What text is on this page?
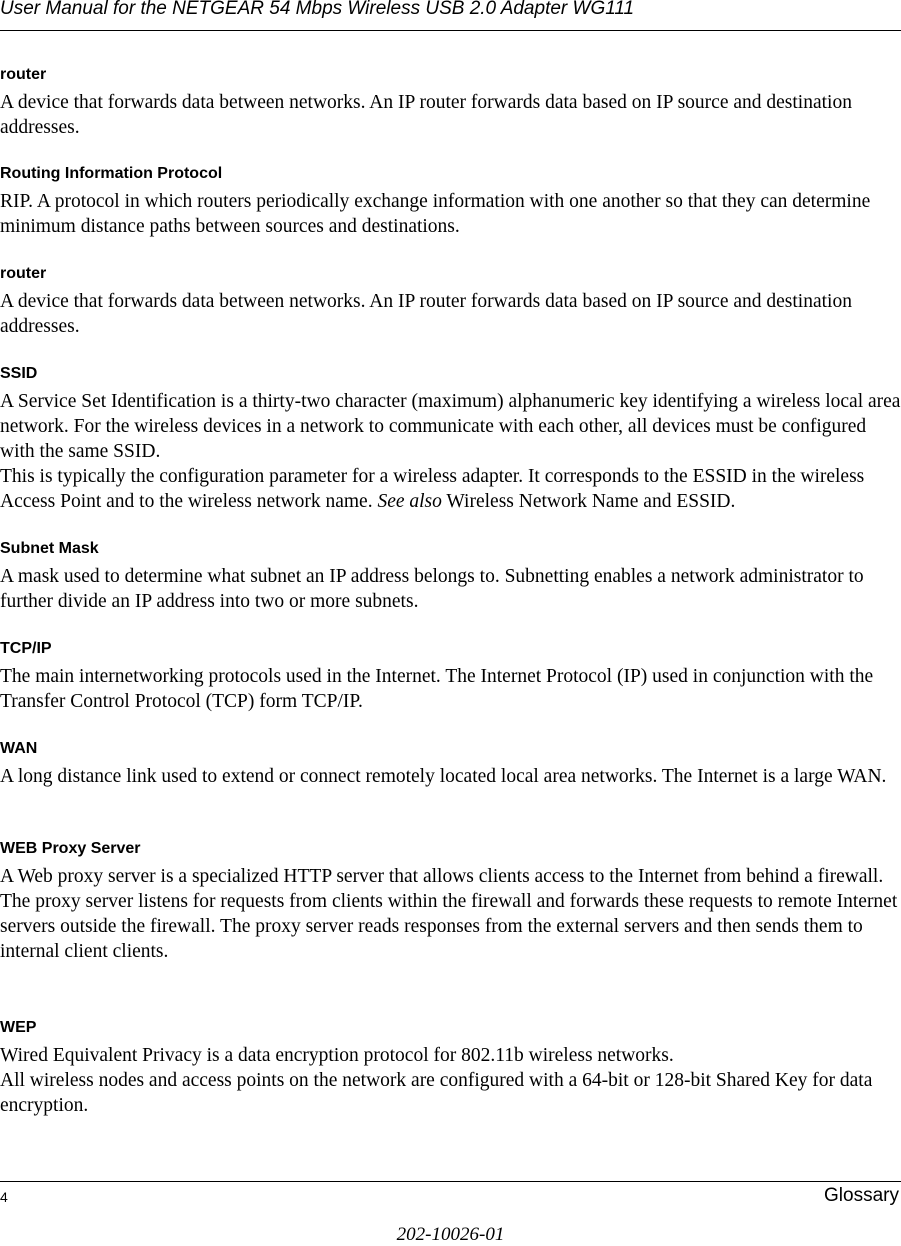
User Manual for the NETGEAR 54 Mbps Wireless USB 2.0 Adapter WG111
router

A device that forwards data between networks. An IP router forwards data based on IP source and destination addresses.

Routing Information Protocol

RIP. A protocol in which routers periodically exchange information with one another so that they can determine minimum distance paths between sources and destinations.

router

A device that forwards data between networks. An IP router forwards data based on IP source and destination addresses.

SSID

A Service Set Identification is a thirty-two character (maximum) alphanumeric key identifying a wireless local area network. For the wireless devices in a network to communicate with each other, all devices must be configured with the same SSID.

This is typically the configuration parameter for a wireless adapter. It corresponds to the ESSID in the wireless Access Point and to the wireless network name. See also Wireless Network Name and ESSID.

Subnet Mask

A mask used to determine what subnet an IP address belongs to. Subnetting enables a network administrator to further divide an IP address into two or more subnets.

TCP/IP

The main internetworking protocols used in the Internet. The Internet Protocol (IP) used in conjunction with the Transfer Control Protocol (TCP) form TCP/IP.

WAN

A long distance link used to extend or connect remotely located local area networks. The Internet is a large WAN.

WEB Proxy Server

A Web proxy server is a specialized HTTP server that allows clients access to the Internet from behind a firewall.

The proxy server listens for requests from clients within the firewall and forwards these requests to remote Internet servers outside the firewall. The proxy server reads responses from the external servers and then sends them to internal client clients.

WEP

Wired Equivalent Privacy is a data encryption protocol for 802.11b wireless networks.

All wireless nodes and access points on the network are configured with a 64-bit or 128-bit Shared Key for data encryption.

4	Glossary
202-10026-01
